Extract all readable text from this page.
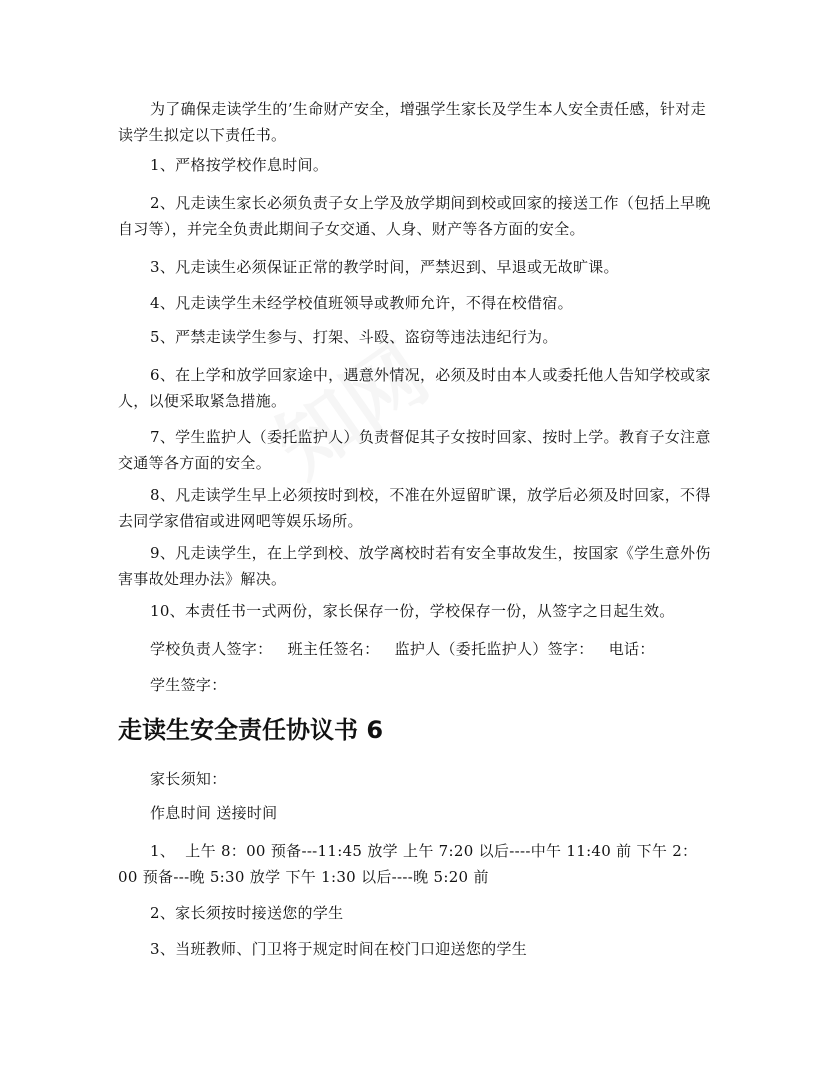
为了确保走读学生的’生命财产安全，增强学生家长及学生本人安全责任感，针对走读学生拟定以下责任书。

1、严格按学校作息时间。

2、凡走读生家长必须负责子女上学及放学期间到校或回家的接送工作（包括上早晚自习等），并完全负责此期间子女交通、人身、财产等各方面的安全。

3、凡走读生必须保证正常的教学时间，严禁迟到、早退或无故旷课。

4、凡走读学生未经学校值班领导或教师允许，不得在校借宿。

5、严禁走读学生参与、打架、斗殴、盗窃等违法违纪行为。

6、在上学和放学回家途中，遇意外情况，必须及时由本人或委托他人告知学校或家人，以便采取紧急措施。

7、学生监护人（委托监护人）负责督促其子女按时回家、按时上学。教育子女注意交通等各方面的安全。

8、凡走读学生早上必须按时到校，不准在外逗留旷课，放学后必须及时回家，不得去同学家借宿或进网吧等娱乐场所。

9、凡走读学生，在上学到校、放学离校时若有安全事故发生，按国家《学生意外伤害事故处理办法》解决。

10、本责任书一式两份，家长保存一份，学校保存一份，从签字之日起生效。

学校负责人签字：   班主任签名：   监护人（委托监护人）签字：   电话：

学生签字：

走读生安全责任协议书 6

家长须知：

作息时间 送接时间

1、  上午 8：00 预备---11:45 放学 上午 7:20 以后----中午 11:40 前 下午 2：00 预备---晚 5:30 放学 下午 1:30 以后----晚 5:20 前

2、家长须按时接送您的学生

3、当班教师、门卫将于规定时间在校门口迎送您的学生
